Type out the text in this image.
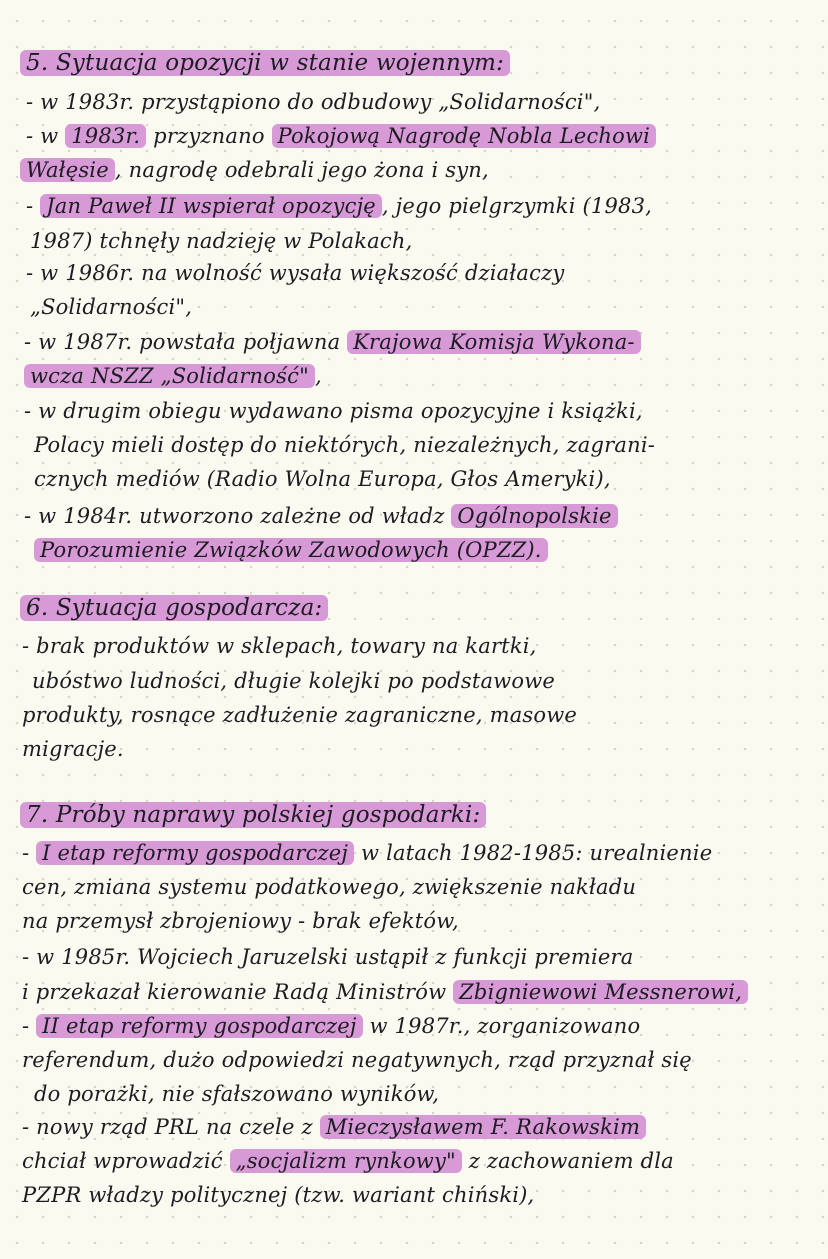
5. Sytuacja opozycji w stanie wojennym:
- w 1983r. przystąpiono do odbudowy „Solidarności",
- w 1983r. przyznano Pokojową Nagrodę Nobla Lechowi
Wałęsie , nagrodę odebrali jego żona i syn,
- Jan Paweł II wspierał opozycję , jego pielgrzymki (1983,
1987) tchnęły nadzieję w Polakach,
- w 1986r. na wolność wysała większość działaczy
„Solidarności",
- w 1987r. powstała połjawna Krajowa Komisja Wykona-
wcza NSZZ „Solidarność" ,
- w drugim obiegu wydawano pisma opozycyjne i książki,
Polacy mieli dostęp do niektórych, niezależnych, zagrani-
cznych mediów (Radio Wolna Europa, Głos Ameryki),
- w 1984r. utworzono zależne od władz Ogólnopolskie
Porozumienie Związków Zawodowych (OPZZ).
6. Sytuacja gospodarcza:
- brak produktów w sklepach, towary na kartki,
ubóstwo ludności, długie kolejki po podstawowe
produkty, rosnące zadłużenie zagraniczne, masowe
migracje.
7. Próby naprawy polskiej gospodarki:
- I etap reformy gospodarczej w latach 1982-1985: urealnienie
cen, zmiana systemu podatkowego, zwiększenie nakładu
na przemysł zbrojeniowy - brak efektów,
- w 1985r. Wojciech Jaruzelski ustąpił z funkcji premiera
i przekazał kierowanie Radą Ministrów Zbigniewowi Messnerowi,
- II etap reformy gospodarczej w 1987r., zorganizowano
referendum, dużo odpowiedzi negatywnych, rząd przyznał się
do porażki, nie sfałszowano wyników,
- nowy rząd PRL na czele z Mieczysławem F. Rakowskim
chciał wprowadzić „socjalizm rynkowy" z zachowaniem dla
PZPR władzy politycznej (tzw. wariant chiński),
